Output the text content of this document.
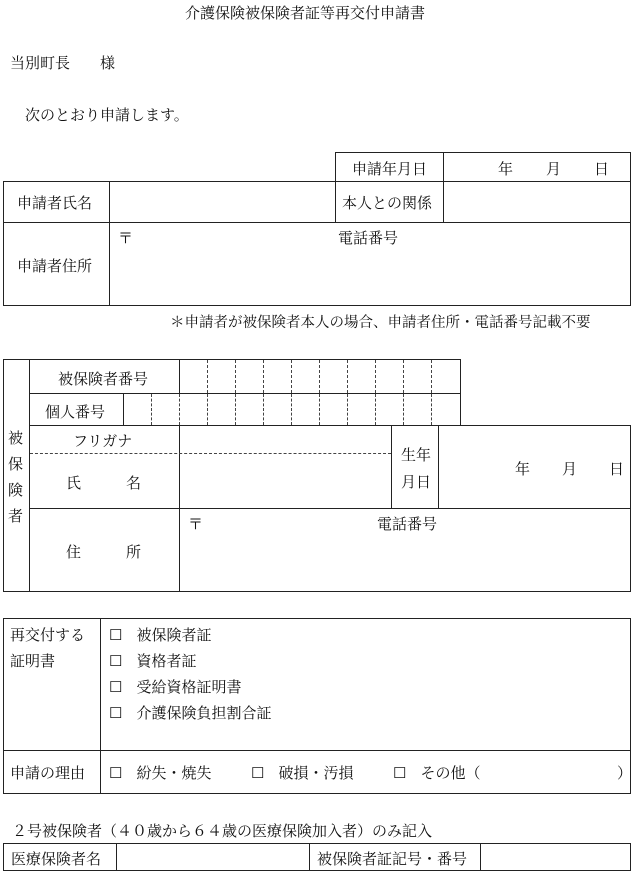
介護保険被保険者証等再交付申請書
当別町長　　様
次のとおり申請します。
申請年月日	年 月 日
申請者氏名	本人との関係
申請者住所
〒	電話番号
＊申請者が被保険者本人の場合、申請者住所・電話番号記載不要
被
保
険
者
被保険者番号
個人番号
フリガナ
氏　　　名
生年
月日
年 月 日
住　　　所
〒	電話番号
再交付する
証明書
☐ 被保険者証
☐ 資格者証
☐ 受給資格証明書
☐ 介護保険負担割合証
申請の理由 ☐ 紛失・焼失	☐ 破損・汚損	☐ その他（	）
２号被保険者（４０歳から６４歳の医療保険加入者）のみ記入
医療保険者名	被保険者証記号・番号
